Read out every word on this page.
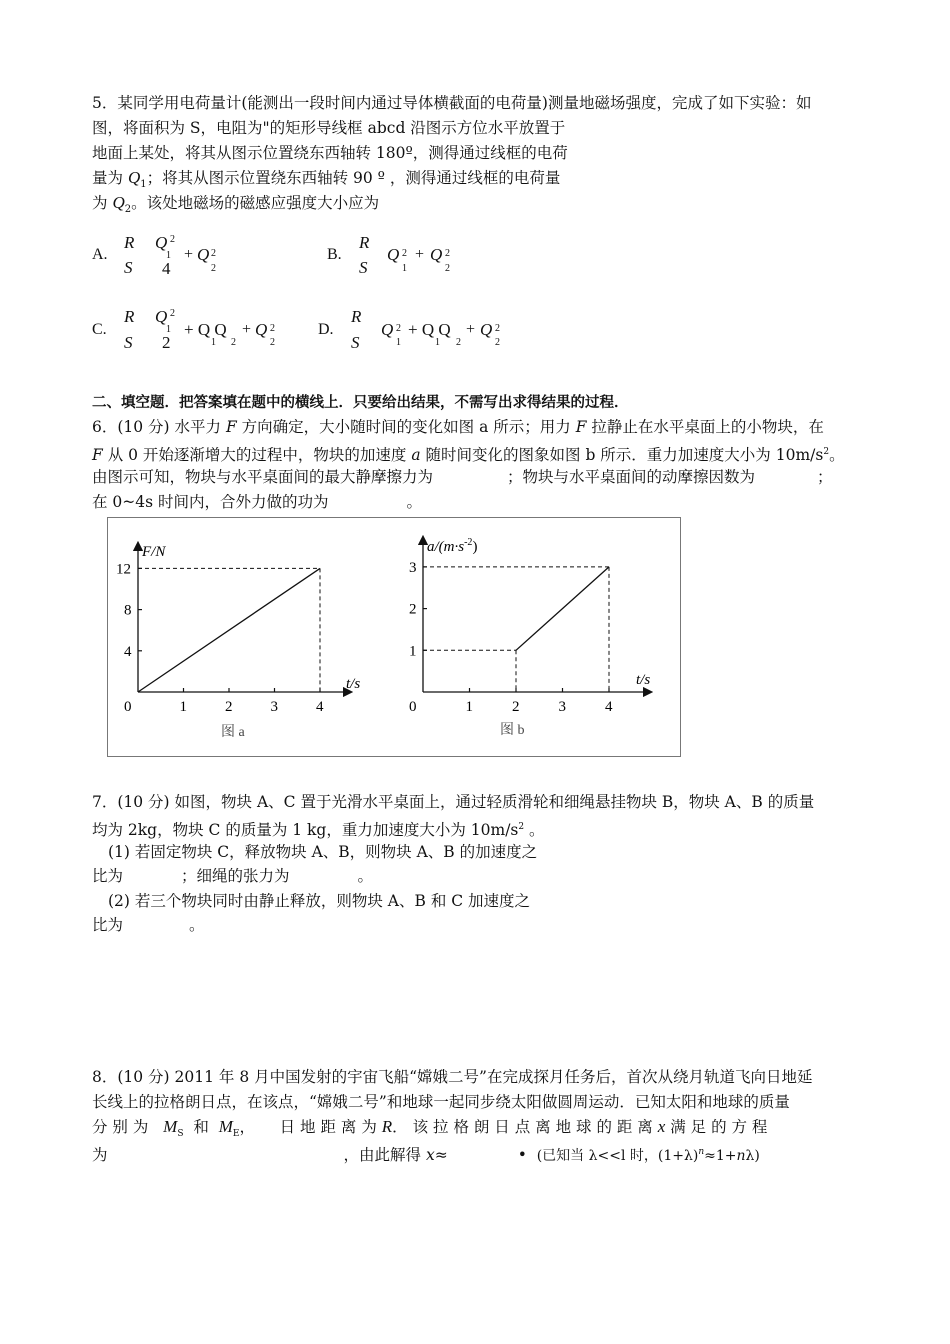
5．某同学用电荷量计(能测出一段时间内通过导体横截面的电荷量)测量地磁场强度，完成了如下实验：如
图，将面积为 S，电阻为"的矩形导线框 abcd 沿图示方位水平放置于
地面上某处，将其从图示位置绕东西轴转 180º，测得通过线框的电荷
量为 $Q_1$；将其从图示位置绕东西轴转 90 º ，测得通过线框的电荷量
为 $Q_2$。该处地磁场的磁感应强度大小应为
A.
R
S
Q 2
1
4
+ Q 2
2
B.
R
S
Q 2
1
+ Q 2
2
C.
R
S
Q 2
1
2
+ Q Q
1 2
+ Q 2
2
D.
R
S
Q 2
1
+ Q Q
1 2
+ Q 2
2
二、填空题．把答案填在题中的横线上．只要给出结果，不需写出求得结果的过程．
6．(10 分) 水平力 F 方向确定，大小随时间的变化如图 a 所示；用力 F 拉静止在水平桌面上的小物块，在
F 从 0 开始逐渐增大的过程中，物块的加速度 a 随时间变化的图象如图 b 所示．重力加速度大小为 $10m/s^2$。
由图示可知，物块与水平桌面间的最大静摩擦力为	；物块与水平桌面间的动摩擦因数为	；
在 0~4s 时间内，合外力做的功为	。
0	1	2	3	4
12
8
4
F/N
t/s
图 a
0	1	2	3	4
3
2
1
$a/(m\cdot s^{-2})$
t/s
图 b
7．(10 分) 如图，物块 A、C 置于光滑水平桌面上，通过轻质滑轮和细绳悬挂物块 B，物块 A、B 的质量
均为 2kg，物块 C 的质量为 1 kg，重力加速度大小为 $10m/s^2$ 。
(1) 若固定物块 C，释放物块 A、B，则物块 A、B 的加速度之
比为	；细绳的张力为	。
(2) 若三个物块同时由静止释放，则物块 A、B 和 C 加速度之
比为	。
8．(10 分) 2011 年 8 月中国发射的宇宙飞船“嫦娥二号”在完成探月任务后，首次从绕月轨道飞向日地延
长线上的拉格朗日点，在该点，“嫦娥二号”和地球一起同步绕太阳做圆周运动．已知太阳和地球的质量
分 别 为 $M_S$ 和 $M_E$， 日 地 距 离 为 R． 该 拉 格 朗 日 点 离 地 球 的 距 离 x 满 足 的 方 程
为	，由此解得 x≈	• (已知当 λ<<l 时，$(1+\lambda)^n\approx 1+n\lambda$)
